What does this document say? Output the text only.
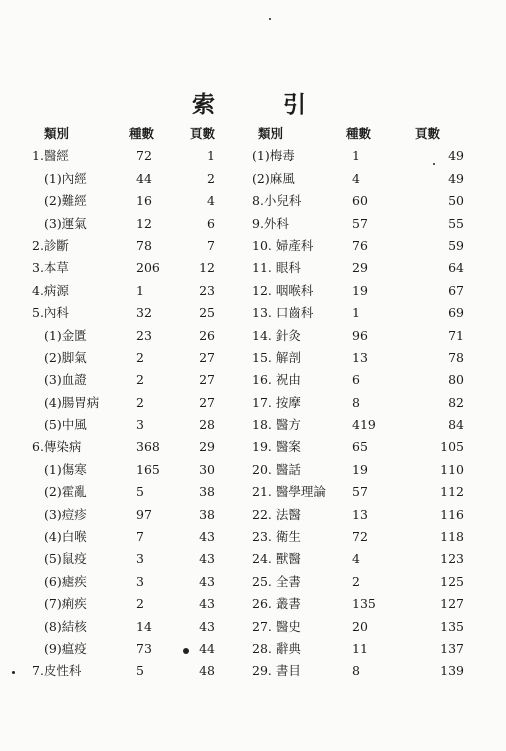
索 引
類別	種數	頁數
1.醫經	72	1
(1)內經	44	2
(2)難經	16	4
(3)運氣	12	6
2.診斷	78	7
3.本草	206	12
4.病源	1	23
5.內科	32	25
(1)金匱	23	26
(2)脚氣	2	27
(3)血證	2	27
(4)腸胃病	2	27
(5)中風	3	28
6.傳染病	368	29
(1)傷寒	165	30
(2)霍亂	5	38
(3)痘疹	97	38
(4)白喉	7	43
(5)鼠疫	3	43
(6)瘧疾	3	43
(7)痢疾	2	43
(8)結核	14	43
(9)瘟疫	73	44
7.皮性科	5	48
類別	種數	頁數
(1)梅毒	1	49
(2)麻風	4	49
8.小兒科	60	50
9.外科	57	55
10. 婦產科	76	59
11. 眼科	29	64
12. 咽喉科	19	67
13. 口齒科	1	69
14. 針灸	96	71
15. 解剖	13	78
16. 祝由	6	80
17. 按摩	8	82
18. 醫方	419	84
19. 醫案	65	105
20. 醫話	19	110
21. 醫學理論 57	112
22. 法醫	13	116
23. 衛生	72	118
24. 獸醫	4	123
25. 全書	2	125
26. 叢書	135	127
27. 醫史	20	135
28. 辭典	11	137
29. 書目	8	139
